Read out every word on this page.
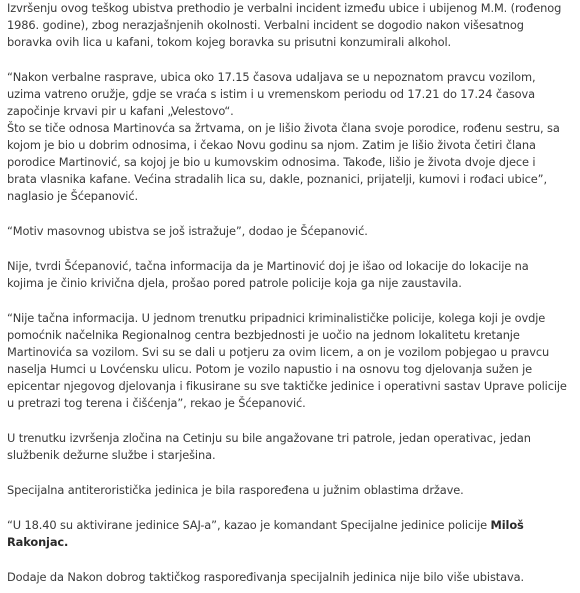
Izvršenju ovog teškog ubistva prethodio je verbalni incident između ubice i ubijenog M.M. (rođenog 1986. godine), zbog nerazjašnjenih okolnosti. Verbalni incident se dogodio nakon višesatnog boravka ovih lica u kafani, tokom kojeg boravka su prisutni konzumirali alkohol.

“Nakon verbalne rasprave, ubica oko 17.15 časova udaljava se u nepoznatom pravcu vozilom, uzima vatreno oružje, gdje se vraća s istim i u vremenskom periodu od 17.21 do 17.24 časova započinje krvavi pir u kafani „Velestovo“.

Što se tiče odnosa Martinovća sa žrtvama, on je lišio života člana svoje porodice, rođenu sestru, sa kojom je bio u dobrim odnosima, i čekao Novu godinu sa njom. Zatim je lišio života četiri člana porodice Martinović, sa kojoj je bio u kumovskim odnosima. Takođe, lišio je života dvoje djece i brata vlasnika kafane. Većina stradalih lica su, dakle, poznanici, prijatelji, kumovi i rođaci ubice”, naglasio je Šćepanović.

“Motiv masovnog ubistva se još istražuje”, dodao je Šćepanović.

Nije, tvrdi Šćepanović, tačna informacija da je Martinović doj je išao od lokacije do lokacije na kojima je činio krivična djela, prošao pored patrole policije koja ga nije zaustavila.

“Nije tačna informacija. U jednom trenutku pripadnici kriminalističke policije, kolega koji je ovdje pomoćnik načelnika Regionalnog centra bezbjednosti je uočio na jednom lokalitetu kretanje Martinovića sa vozilom. Svi su se dali u potjeru za ovim licem, a on je vozilom pobjegao u pravcu naselja Humci u Lovćensku ulicu. Potom je vozilo napustio i na osnovu tog djelovanja sužen je epicentar njegovog djelovanja i fikusirane su sve taktičke jedinice i operativni sastav Uprave policije u pretrazi tog terena i čišćenja”, rekao je Šćepanović.

U trenutku izvršenja zločina na Cetinju su bile angažovane tri patrole, jedan operativac, jedan službenik dežurne službe i starješina.

Specijalna antiteroristička jedinica je bila raspoređena u južnim oblastima države.

“U 18.40 su aktivirane jedinice SAJ-a”, kazao je komandant Specijalne jedinice policije Miloš Rakonjac.

Dodaje da Nakon dobrog taktičkog raspoređivanja specijalnih jedinica nije bilo više ubistava.
